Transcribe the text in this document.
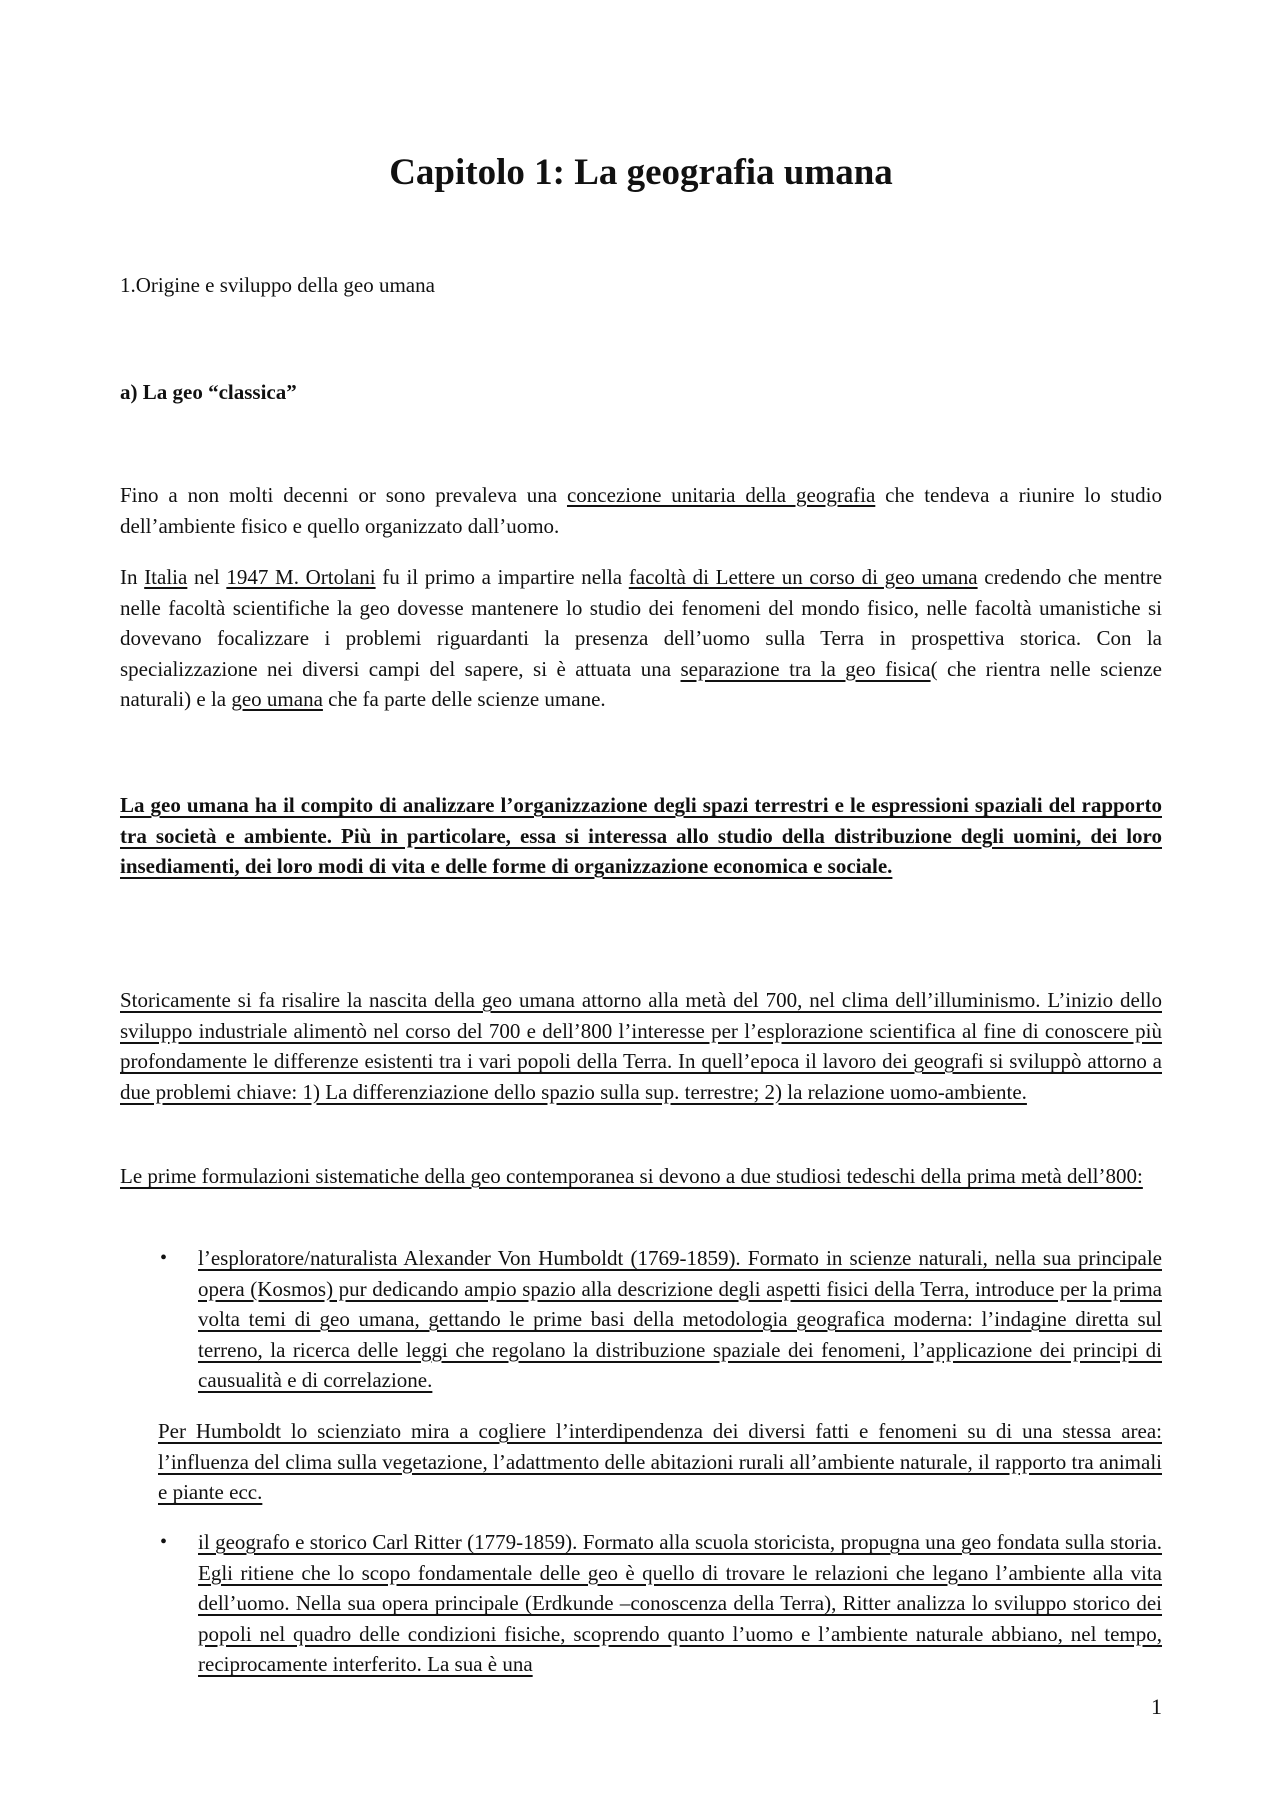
Capitolo 1: La geografia umana

1.Origine e sviluppo della geo umana

a) La geo “classica”

Fino a non molti decenni or sono prevaleva una concezione unitaria della geografia che tendeva a riunire lo studio dell’ambiente fisico e quello organizzato dall’uomo.

In Italia nel 1947 M. Ortolani fu il primo a impartire nella facoltà di Lettere un corso di geo umana credendo che mentre nelle facoltà scientifiche la geo dovesse mantenere lo studio dei fenomeni del mondo fisico, nelle facoltà umanistiche si dovevano focalizzare i problemi riguardanti la presenza dell’uomo sulla Terra in prospettiva storica. Con la specializzazione nei diversi campi del sapere, si è attuata una separazione tra la geo fisica( che rientra nelle scienze naturali) e la geo umana che fa parte delle scienze umane.

La geo umana ha il compito di analizzare l’organizzazione degli spazi terrestri e le espressioni spaziali del rapporto tra società e ambiente. Più in particolare, essa si interessa allo studio della distribuzione degli uomini, dei loro insediamenti, dei loro modi di vita e delle forme di organizzazione economica e sociale.

Storicamente si fa risalire la nascita della geo umana attorno alla metà del 700, nel clima dell’illuminismo. L’inizio dello sviluppo industriale alimentò nel corso del 700 e dell’800 l’interesse per l’esplorazione scientifica al fine di conoscere più profondamente le differenze esistenti tra i vari popoli della Terra. In quell’epoca il lavoro dei geografi si sviluppò attorno a due problemi chiave: 1) La differenziazione dello spazio sulla sup. terrestre; 2) la relazione uomo-ambiente.

Le prime formulazioni sistematiche della geo contemporanea si devono a due studiosi tedeschi della prima metà dell’800:

• l’esploratore/naturalista Alexander Von Humboldt (1769-1859). Formato in scienze naturali, nella sua principale opera (Kosmos) pur dedicando ampio spazio alla descrizione degli aspetti fisici della Terra, introduce per la prima volta temi di geo umana, gettando le prime basi della metodologia geografica moderna: l’indagine diretta sul terreno, la ricerca delle leggi che regolano la distribuzione spaziale dei fenomeni, l’applicazione dei principi di causualità e di correlazione.

Per Humboldt lo scienziato mira a cogliere l’interdipendenza dei diversi fatti e fenomeni su di una stessa area: l’influenza del clima sulla vegetazione, l’adattmento delle abitazioni rurali all’ambiente naturale, il rapporto tra animali e piante ecc.

• il geografo e storico Carl Ritter (1779-1859). Formato alla scuola storicista, propugna una geo fondata sulla storia. Egli ritiene che lo scopo fondamentale delle geo è quello di trovare le relazioni che legano l’ambiente alla vita dell’uomo. Nella sua opera principale (Erdkunde –conoscenza della Terra), Ritter analizza lo sviluppo storico dei popoli nel quadro delle condizioni fisiche, scoprendo quanto l’uomo e l’ambiente naturale abbiano, nel tempo, reciprocamente interferito. La sua è una

1
